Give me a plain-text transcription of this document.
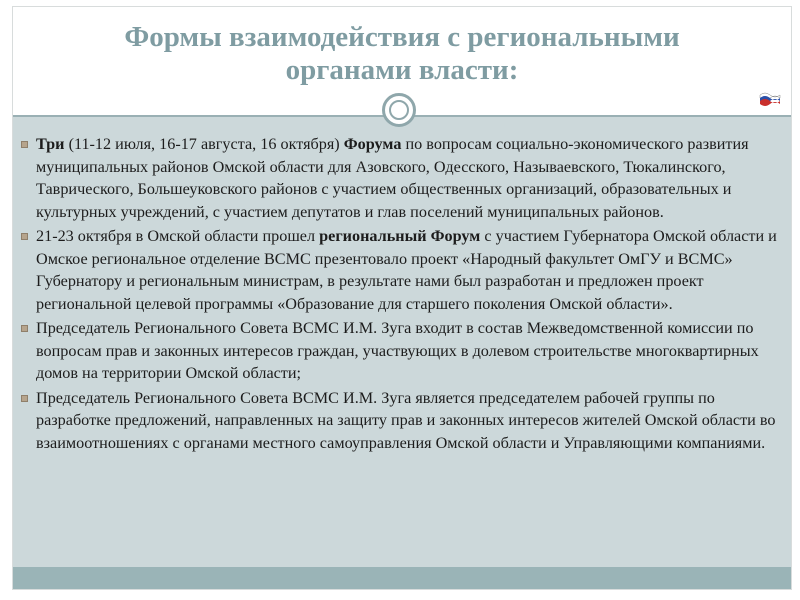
Формы взаимодействия с региональными
органами власти:
Три (11-12 июля, 16-17 августа, 16 октября) Форума по вопросам социально-экономического развития муниципальных районов Омской области для Азовского, Одесского, Называевского, Тюкалинского, Таврического, Большеуковского районов с участием общественных организаций, образовательных и культурных учреждений, с участием депутатов и глав поселений муниципальных районов.
21-23 октября в Омской области прошел региональный Форум с участием Губернатора Омской области и Омское региональное отделение ВСМС презентовало проект «Народный факультет ОмГУ и ВСМС» Губернатору и региональным министрам, в результате нами был разработан и предложен проект региональной целевой программы «Образование для старшего поколения Омской области».
Председатель Регионального Совета ВСМС И.М. Зуга входит в состав Межведомственной комиссии по вопросам прав и законных интересов граждан, участвующих в долевом строительстве многоквартирных домов на территории Омской области;
Председатель Регионального Совета ВСМС И.М. Зуга является председателем рабочей группы по разработке предложений, направленных на защиту прав и законных интересов жителей Омской области во взаимоотношениях с органами местного самоуправления Омской области и Управляющими компаниями.
